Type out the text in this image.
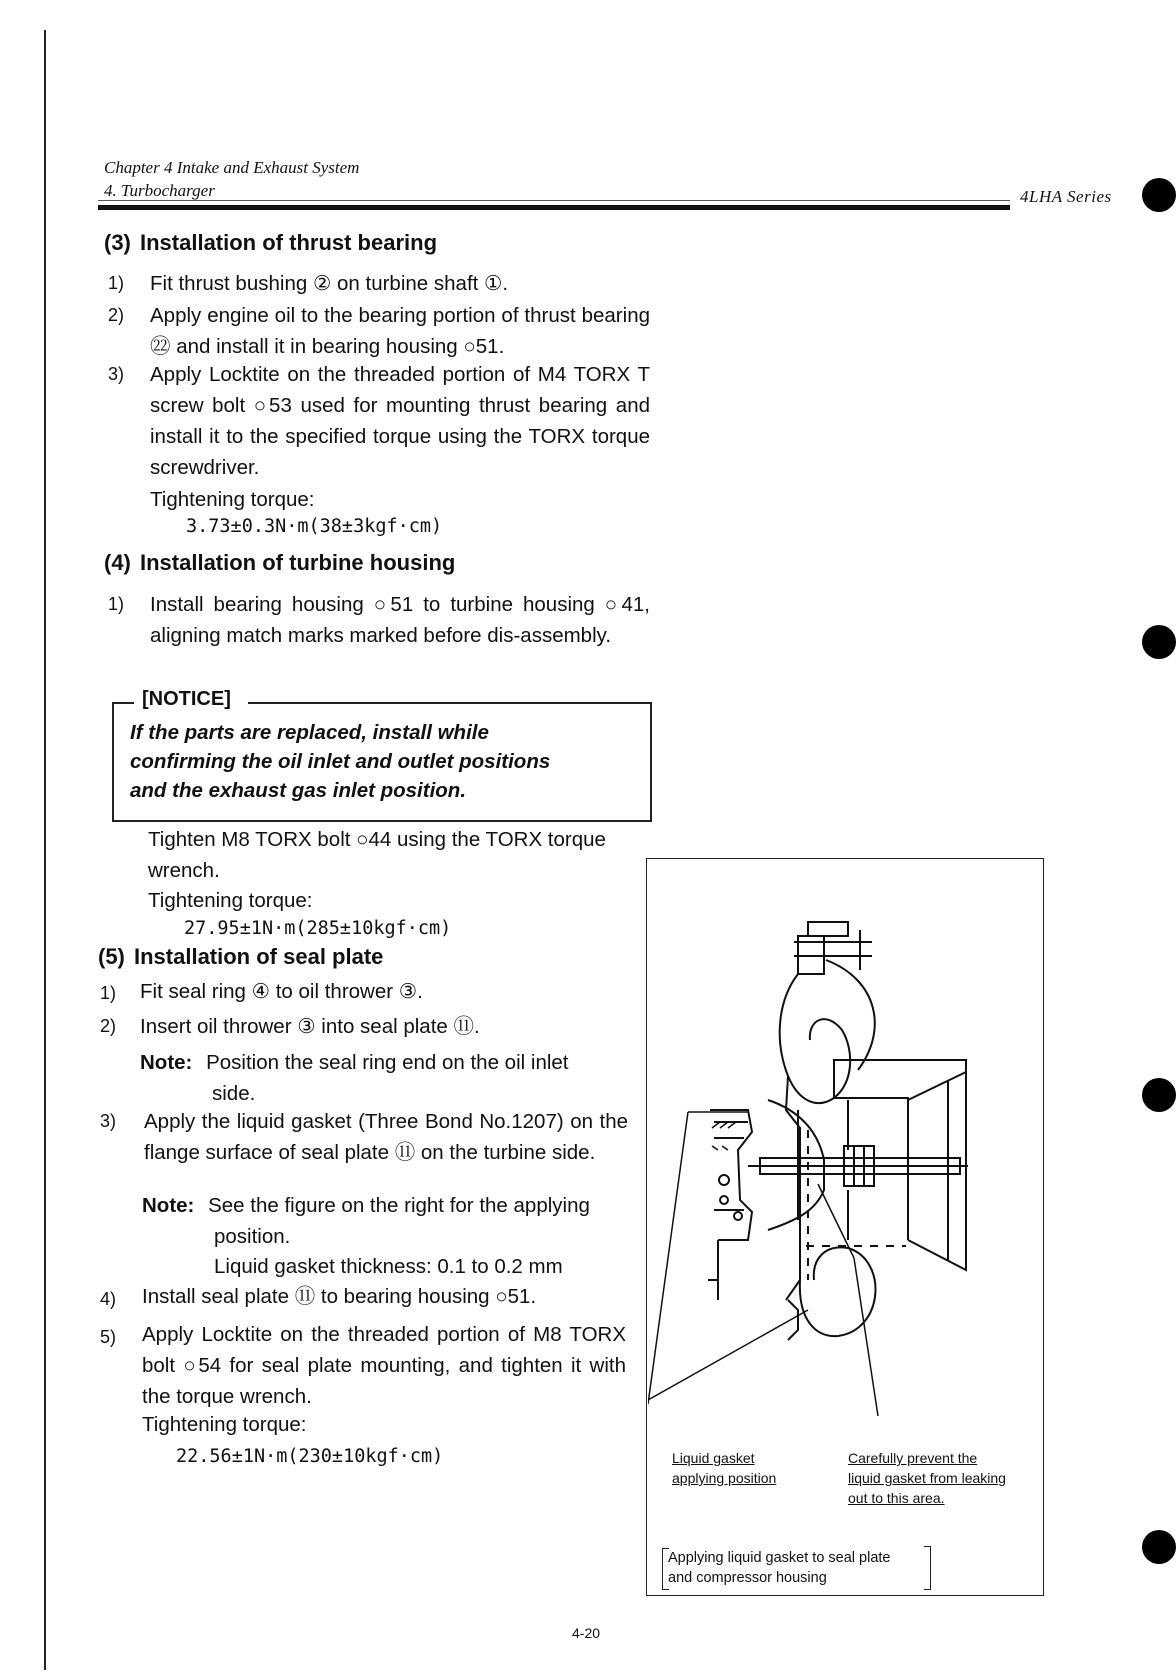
Chapter 4 Intake and Exhaust System
4. Turbocharger	4LHA Series
(3) Installation of thrust bearing
1) Fit thrust bushing ② on turbine shaft ①.
2) Apply engine oil to the bearing portion of thrust bearing ㉒ and install it in bearing housing ○51.
3) Apply Locktite on the threaded portion of M4 TORX T screw bolt ○53 used for mounting thrust bearing and install it to the specified torque using the TORX torque screwdriver.
Tightening torque:
3.73±0.3N·m(38±3kgf·cm)
(4) Installation of turbine housing
1) Install bearing housing ○51 to turbine housing ○41, aligning match marks marked before dis-assembly.
[NOTICE]
If the parts are replaced, install while
confirming the oil inlet and outlet positions
and the exhaust gas inlet position.
Tighten M8 TORX bolt ○44 using the TORX torque
wrench.
Tightening torque:
27.95±1N·m(285±10kgf·cm)
(5) Installation of seal plate
1) Fit seal ring ④ to oil thrower ③.
2) Insert oil thrower ③ into seal plate ⑪.
Note: Position the seal ring end on the oil inlet
side.
3) Apply the liquid gasket (Three Bond No.1207) on the flange surface of seal plate ⑪ on the turbine side.
Note: See the figure on the right for the applying
position.
Liquid gasket thickness: 0.1 to 0.2 mm
4) Install seal plate ⑪ to bearing housing ○51.
5) Apply Locktite on the threaded portion of M8 TORX bolt ○54 for seal plate mounting, and tighten it with the torque wrench.
Tightening torque:
22.56±1N·m(230±10kgf·cm)	Liquid gasket
applying position
Carefully prevent the
liquid gasket from leaking
out to this area.
Applying liquid gasket to seal plate
and compressor housing
4-20
